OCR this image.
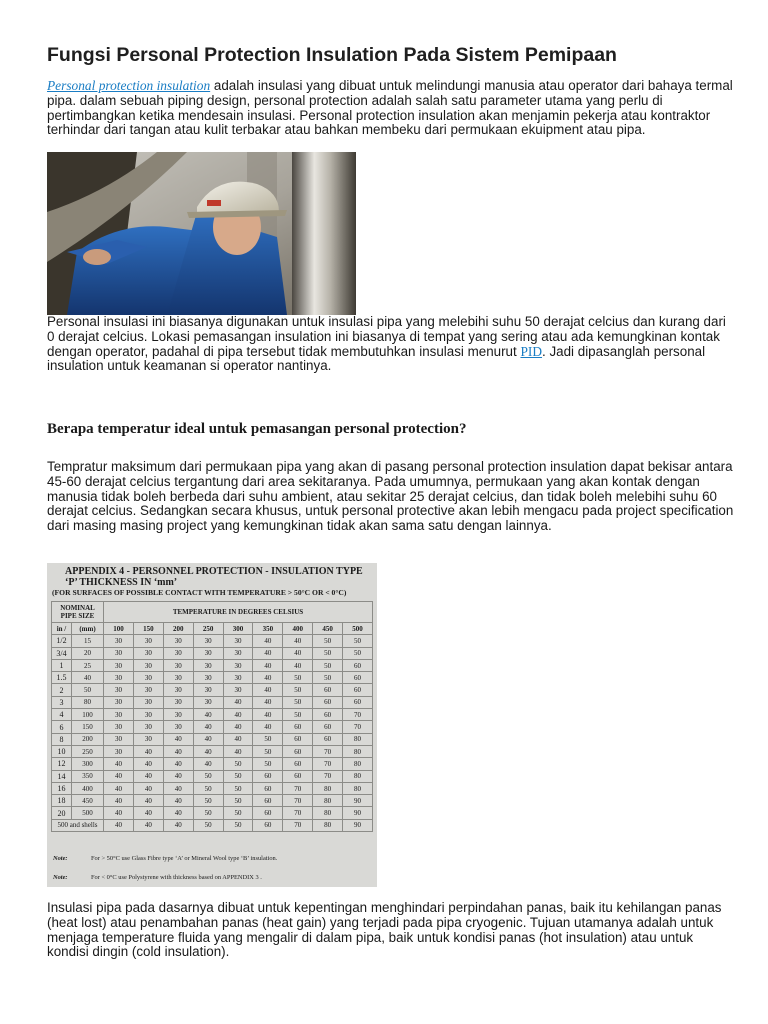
Fungsi Personal Protection Insulation Pada Sistem Pemipaan

Personal protection insulation adalah insulasi yang dibuat untuk melindungi manusia atau operator dari bahaya termal pipa. dalam sebuah piping design, personal protection adalah salah satu parameter utama yang perlu di pertimbangkan ketika mendesain insulasi. Personal protection insulation akan menjamin pekerja atau kontraktor terhindar dari tangan atau kulit terbakar atau bahkan membeku dari permukaan ekuipment atau pipa.

Personal insulasi ini biasanya digunakan untuk insulasi pipa yang melebihi suhu 50 derajat celcius dan kurang dari 0 derajat celcius. Lokasi pemasangan insulation ini biasanya di tempat yang sering atau ada kemungkinan kontak dengan operator, padahal di pipa tersebut tidak membutuhkan insulasi menurut PID. Jadi dipasanglah personal insulation untuk keamanan si operator nantinya.

Berapa temperatur ideal untuk pemasangan personal protection?

Tempratur maksimum dari permukaan pipa yang akan di pasang personal protection insulation dapat bekisar antara 45-60 derajat celcius tergantung dari area sekitaranya. Pada umumnya, permukaan yang akan kontak dengan manusia tidak boleh berbeda dari suhu ambient, atau sekitar 25 derajat celcius, dan tidak boleh melebihi suhu 60 derajat celcius. Sedangkan secara khusus, untuk personal protective akan lebih mengacu pada project specification dari masing masing project yang kemungkinan tidak akan sama satu dengan lainnya.

APPENDIX 4 - PERSONNEL PROTECTION - INSULATION TYPE
‘P’ THICKNESS IN ‘mm’
(FOR SURFACES OF POSSIBLE CONTACT WITH TEMPERATURE > 50°C OR < 0°C)
NOMINAL PIPE SIZE		TEMPERATURE IN DEGREES CELSIUS								

in /	(mm)	100	150	200	250	300	350	400	450	500
1/2	15	30	30	30	30	30	40	40	50	50
3/4	20	30	30	30	30	30	40	40	50	50
1	25	30	30	30	30	30	40	40	50	60
1.5	40	30	30	30	30	30	40	50	50	60
2	50	30	30	30	30	30	40	50	60	60
3	80	30	30	30	30	40	40	50	60	60
4	100	30	30	30	40	40	40	50	60	70
6	150	30	30	30	40	40	40	60	60	70
8	200	30	30	40	40	40	50	60	60	80
10	250	30	40	40	40	40	50	60	70	80
12	300	40	40	40	40	50	50	60	70	80
14	350	40	40	40	50	50	60	60	70	80
16	400	40	40	40	50	50	60	70	80	80
18	450	40	40	40	50	50	60	70	80	90
20	500	40	40	40	50	50	60	70	80	90
500 and shells		40	40	40	50	50	60	70	80	90
Note:	For > 50°C use Glass Fibre type ‘A’ or Mineral Wool type ‘B’ insulation.
Note:	For < 0°C use Polystyrene with thickness based on APPENDIX 3 .

Insulasi pipa pada dasarnya dibuat untuk kepentingan menghindari perpindahan panas, baik itu kehilangan panas (heat lost) atau penambahan panas (heat gain) yang terjadi pada pipa cryogenic. Tujuan utamanya adalah untuk menjaga temperature fluida yang mengalir di dalam pipa, baik untuk kondisi panas (hot insulation) atau untuk kondisi dingin (cold insulation).
